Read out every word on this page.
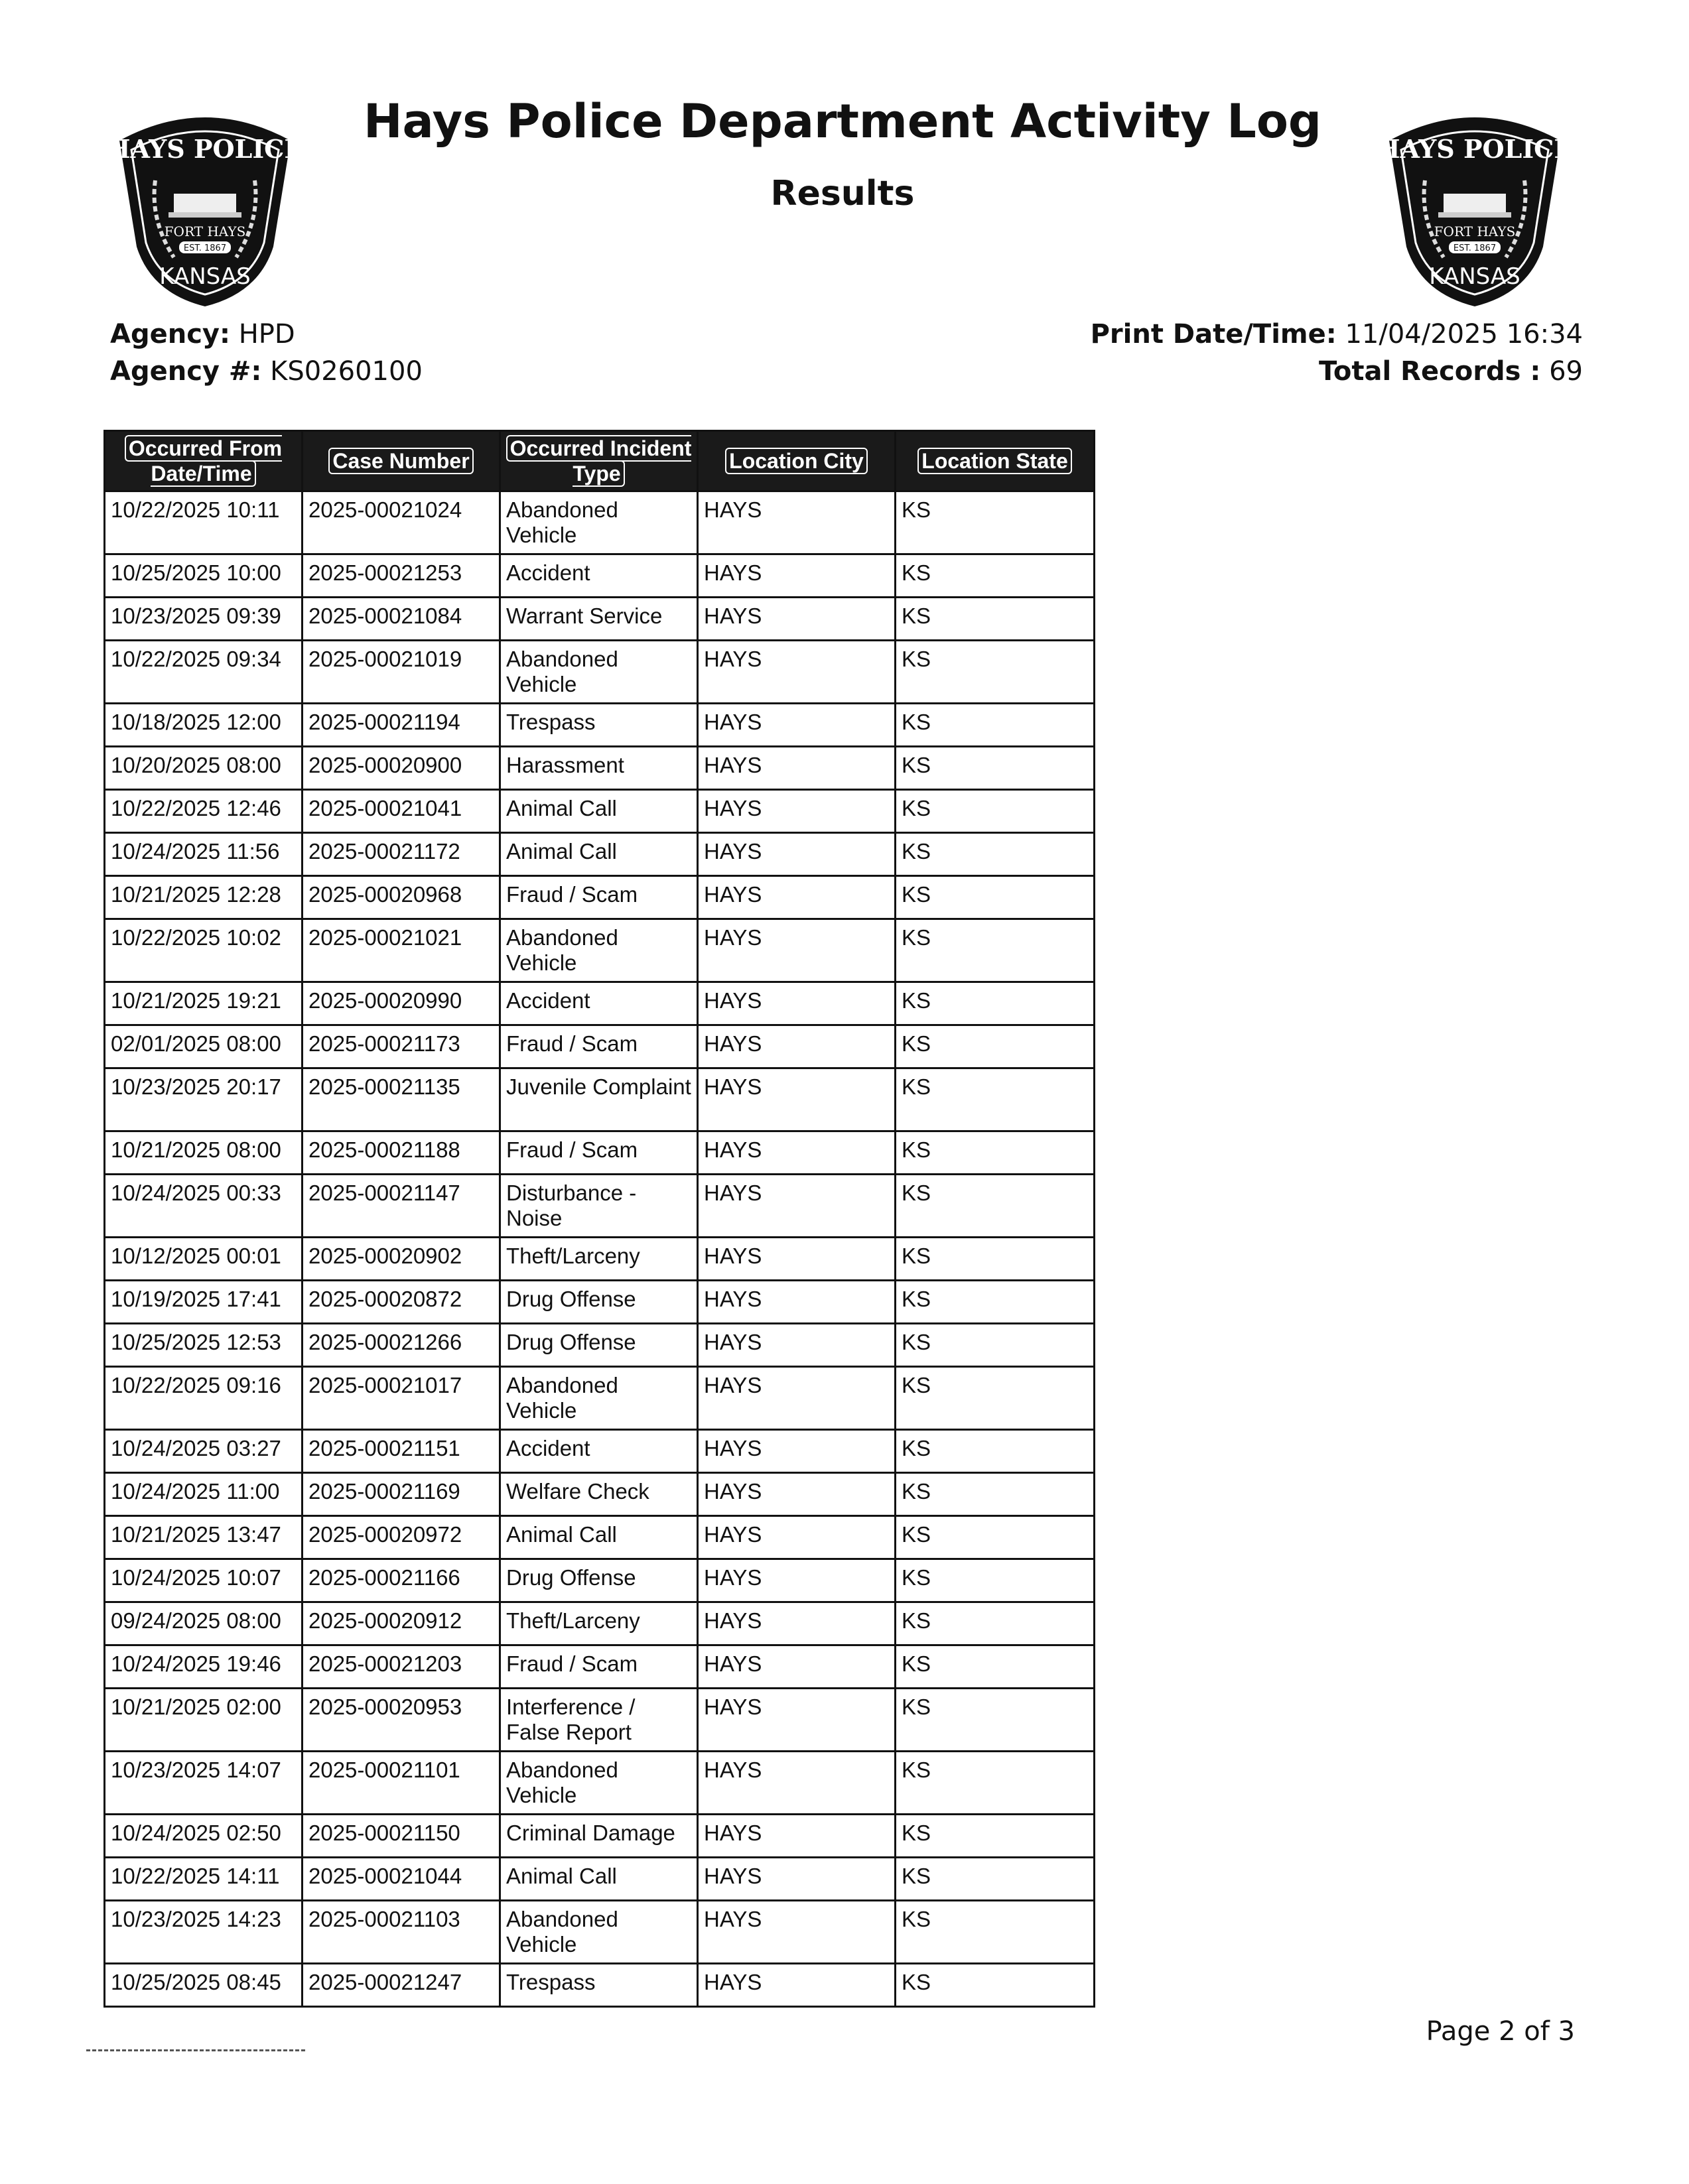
HAYS POLICE
FORT HAYS
EST. 1867
KANSAS
Hays Police Department Activity Log
Results
HAYS POLICE
FORT HAYS
EST. 1867
KANSAS
Agency: HPD
Agency #: KS0260100
Print Date/Time: 11/04/2025 16:34
Total Records : 69
Occurred From Date/Time	Case Number	Occurred Incident Type	Location City	Location State
10/22/2025 10:11	2025-00021024	Abandoned Vehicle	HAYS	KS
10/25/2025 10:00	2025-00021253	Accident	HAYS	KS
10/23/2025 09:39	2025-00021084	Warrant Service	HAYS	KS
10/22/2025 09:34	2025-00021019	Abandoned Vehicle	HAYS	KS
10/18/2025 12:00	2025-00021194	Trespass	HAYS	KS
10/20/2025 08:00	2025-00020900	Harassment	HAYS	KS
10/22/2025 12:46	2025-00021041	Animal Call	HAYS	KS
10/24/2025 11:56	2025-00021172	Animal Call	HAYS	KS
10/21/2025 12:28	2025-00020968	Fraud / Scam	HAYS	KS
10/22/2025 10:02	2025-00021021	Abandoned Vehicle	HAYS	KS
10/21/2025 19:21	2025-00020990	Accident	HAYS	KS
02/01/2025 08:00	2025-00021173	Fraud / Scam	HAYS	KS
10/23/2025 20:17	2025-00021135	Juvenile Complaint	HAYS	KS
10/21/2025 08:00	2025-00021188	Fraud / Scam	HAYS	KS
10/24/2025 00:33	2025-00021147	Disturbance - Noise	HAYS	KS
10/12/2025 00:01	2025-00020902	Theft/Larceny	HAYS	KS
10/19/2025 17:41	2025-00020872	Drug Offense	HAYS	KS
10/25/2025 12:53	2025-00021266	Drug Offense	HAYS	KS
10/22/2025 09:16	2025-00021017	Abandoned Vehicle	HAYS	KS
10/24/2025 03:27	2025-00021151	Accident	HAYS	KS
10/24/2025 11:00	2025-00021169	Welfare Check	HAYS	KS
10/21/2025 13:47	2025-00020972	Animal Call	HAYS	KS
10/24/2025 10:07	2025-00021166	Drug Offense	HAYS	KS
09/24/2025 08:00	2025-00020912	Theft/Larceny	HAYS	KS
10/24/2025 19:46	2025-00021203	Fraud / Scam	HAYS	KS
10/21/2025 02:00	2025-00020953	Interference / False Report	HAYS	KS
10/23/2025 14:07	2025-00021101	Abandoned Vehicle	HAYS	KS
10/24/2025 02:50	2025-00021150	Criminal Damage	HAYS	KS
10/22/2025 14:11	2025-00021044	Animal Call	HAYS	KS
10/23/2025 14:23	2025-00021103	Abandoned Vehicle	HAYS	KS
10/25/2025 08:45	2025-00021247	Trespass	HAYS	KS
Page 2 of 3
